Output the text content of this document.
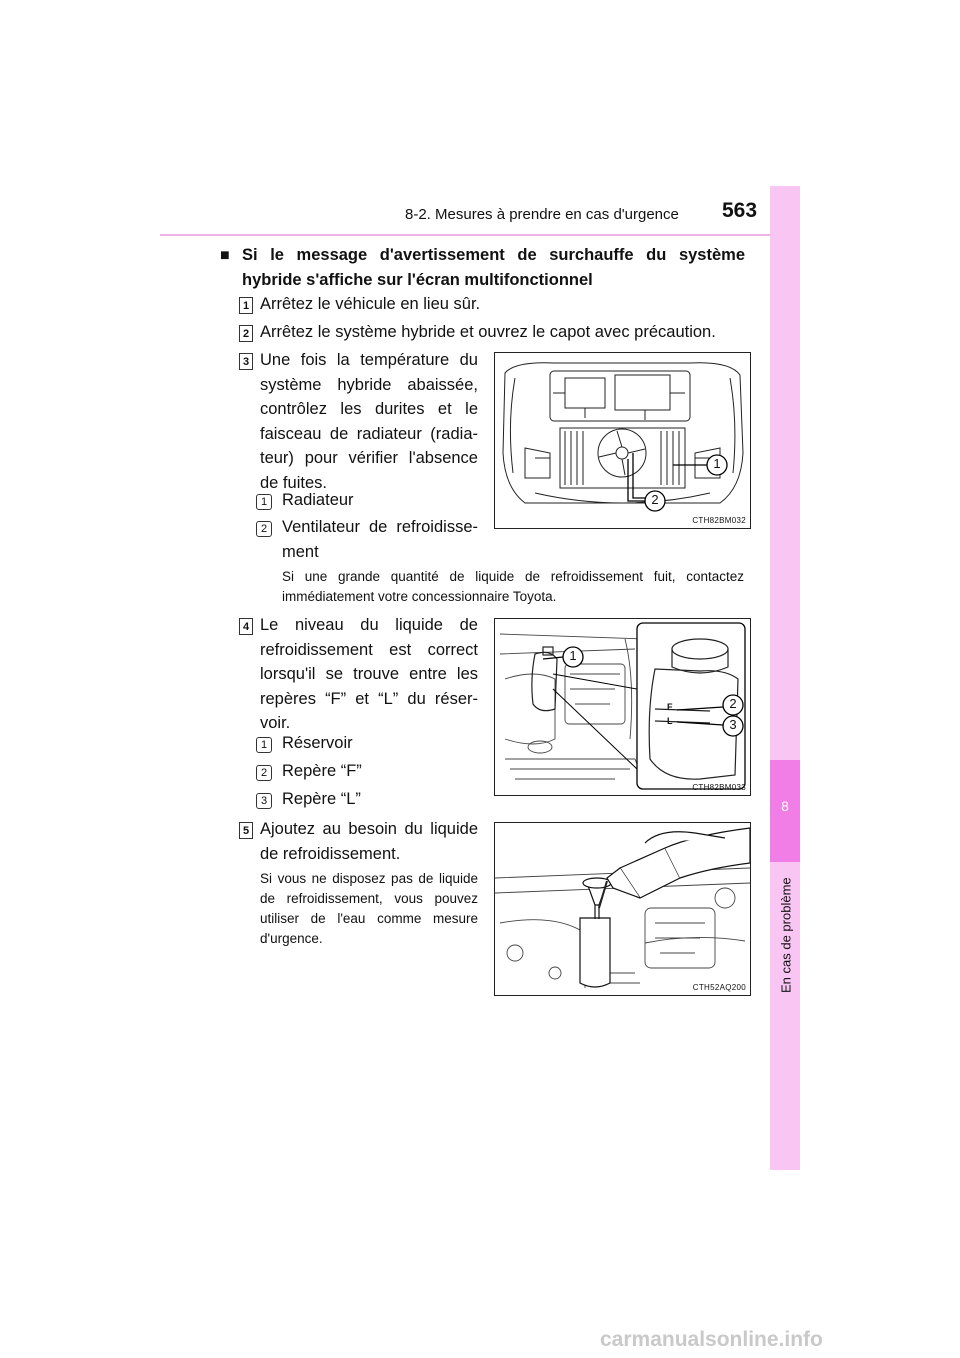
8-2. Mesures à prendre en cas d'urgence 563
8
En cas de problème
■ Si le message d'avertissement de surchauffe du système hybride s'affiche sur l'écran multifonctionnel
1 Arrêtez le véhicule en lieu sûr.
2 Arrêtez le système hybride et ouvrez le capot avec précaution.
3 Une fois la température du système hybride abaissée, contrôlez les durites et le faisceau de radiateur (radia-teur) pour vérifier l'absence de fuites.
1 Radiateur
2 Ventilateur de refroidisse-ment
Si une grande quantité de liquide de refroidissement fuit, contactez immédiatement votre concessionnaire Toyota.
1
2
CTH82BM032
4 Le niveau du liquide de refroidissement est correct lorsqu'il se trouve entre les repères “F” et “L” du réser-voir.
1 Réservoir
2 Repère “F”
3 Repère “L”
1
2
3
F
L
CTH82BM033
5 Ajoutez au besoin du liquide de refroidissement.
Si vous ne disposez pas de liquide de refroidissement, vous pouvez utiliser de l'eau comme mesure d'urgence.
CTH52AQ200
carmanualsonline.info
